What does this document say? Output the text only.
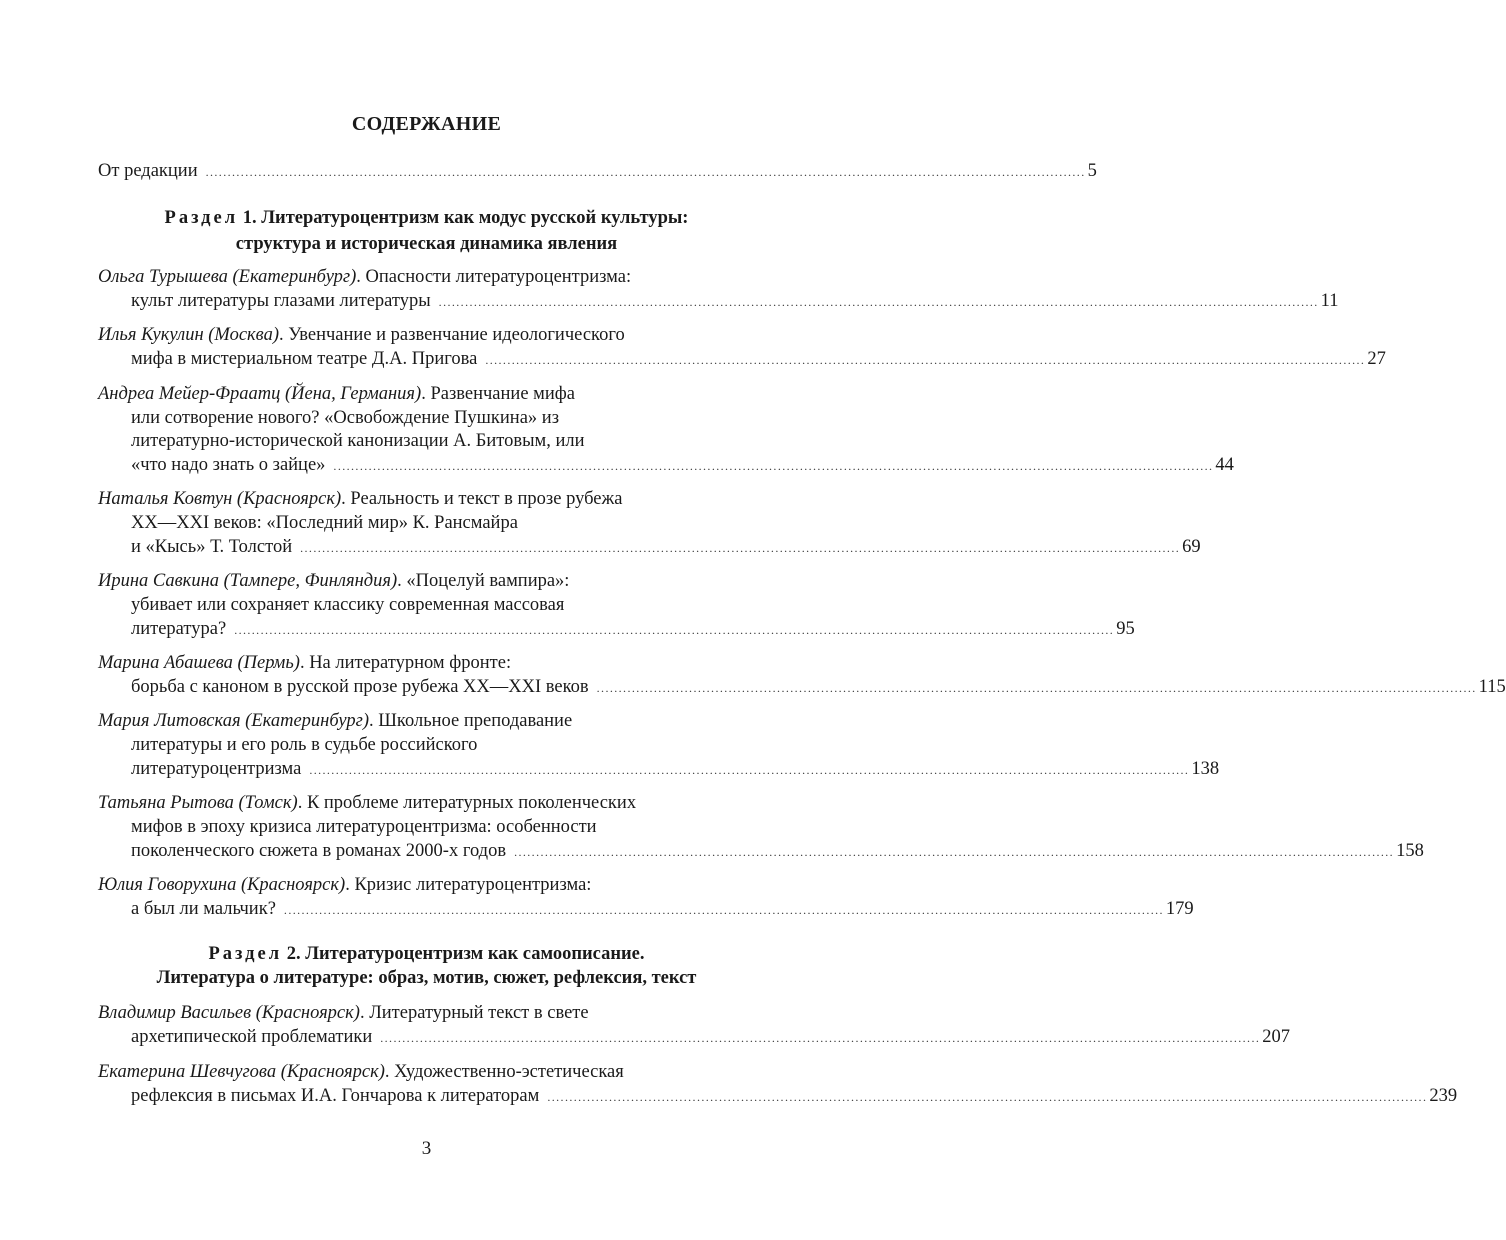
СОДЕРЖАНИЕ
От редакции ........................................................................................................................................................................................................ 5
Раздел 1. Литературоцентризм как модус русской культуры:
структура и историческая динамика явления
Ольга Турышева (Екатеринбург). Опасности литературоцентризма:
культ литературы глазами литературы ........................................................................................................................................................................................................ 11
Илья Кукулин (Москва). Увенчание и развенчание идеологического
мифа в мистериальном театре Д.А. Пригова ........................................................................................................................................................................................................ 27
Андреа Мейер-Фраатц (Йена, Германия). Развенчание мифа
или сотворение нового? «Освобождение Пушкина» из
литературно-исторической канонизации А. Битовым, или
«что надо знать о зайце» ........................................................................................................................................................................................................ 44
Наталья Ковтун (Красноярск). Реальность и текст в прозе рубежа
XX—XXI веков: «Последний мир» К. Рансмайра
и «Кысь» Т. Толстой ........................................................................................................................................................................................................ 69
Ирина Савкина (Тампере, Финляндия). «Поцелуй вампира»:
убивает или сохраняет классику современная массовая
литература? ........................................................................................................................................................................................................ 95
Марина Абашева (Пермь). На литературном фронте:
борьба с каноном в русской прозе рубежа XX—XXI веков ........................................................................................................................................................................................................ 115
Мария Литовская (Екатеринбург). Школьное преподавание
литературы и его роль в судьбе российского
литературоцентризма ........................................................................................................................................................................................................ 138
Татьяна Рытова (Томск). К проблеме литературных поколенческих
мифов в эпоху кризиса литературоцентризма: особенности
поколенческого сюжета в романах 2000-х годов ........................................................................................................................................................................................................ 158
Юлия Говорухина (Красноярск). Кризис литературоцентризма:
а был ли мальчик? ........................................................................................................................................................................................................ 179
Раздел 2. Литературоцентризм как самоописание.
Литература о литературе: образ, мотив, сюжет, рефлексия, текст
Владимир Васильев (Красноярск). Литературный текст в свете
архетипической проблематики ........................................................................................................................................................................................................ 207
Екатерина Шевчугова (Красноярск). Художественно-эстетическая
рефлексия в письмах И.А. Гончарова к литераторам ........................................................................................................................................................................................................ 239
3
